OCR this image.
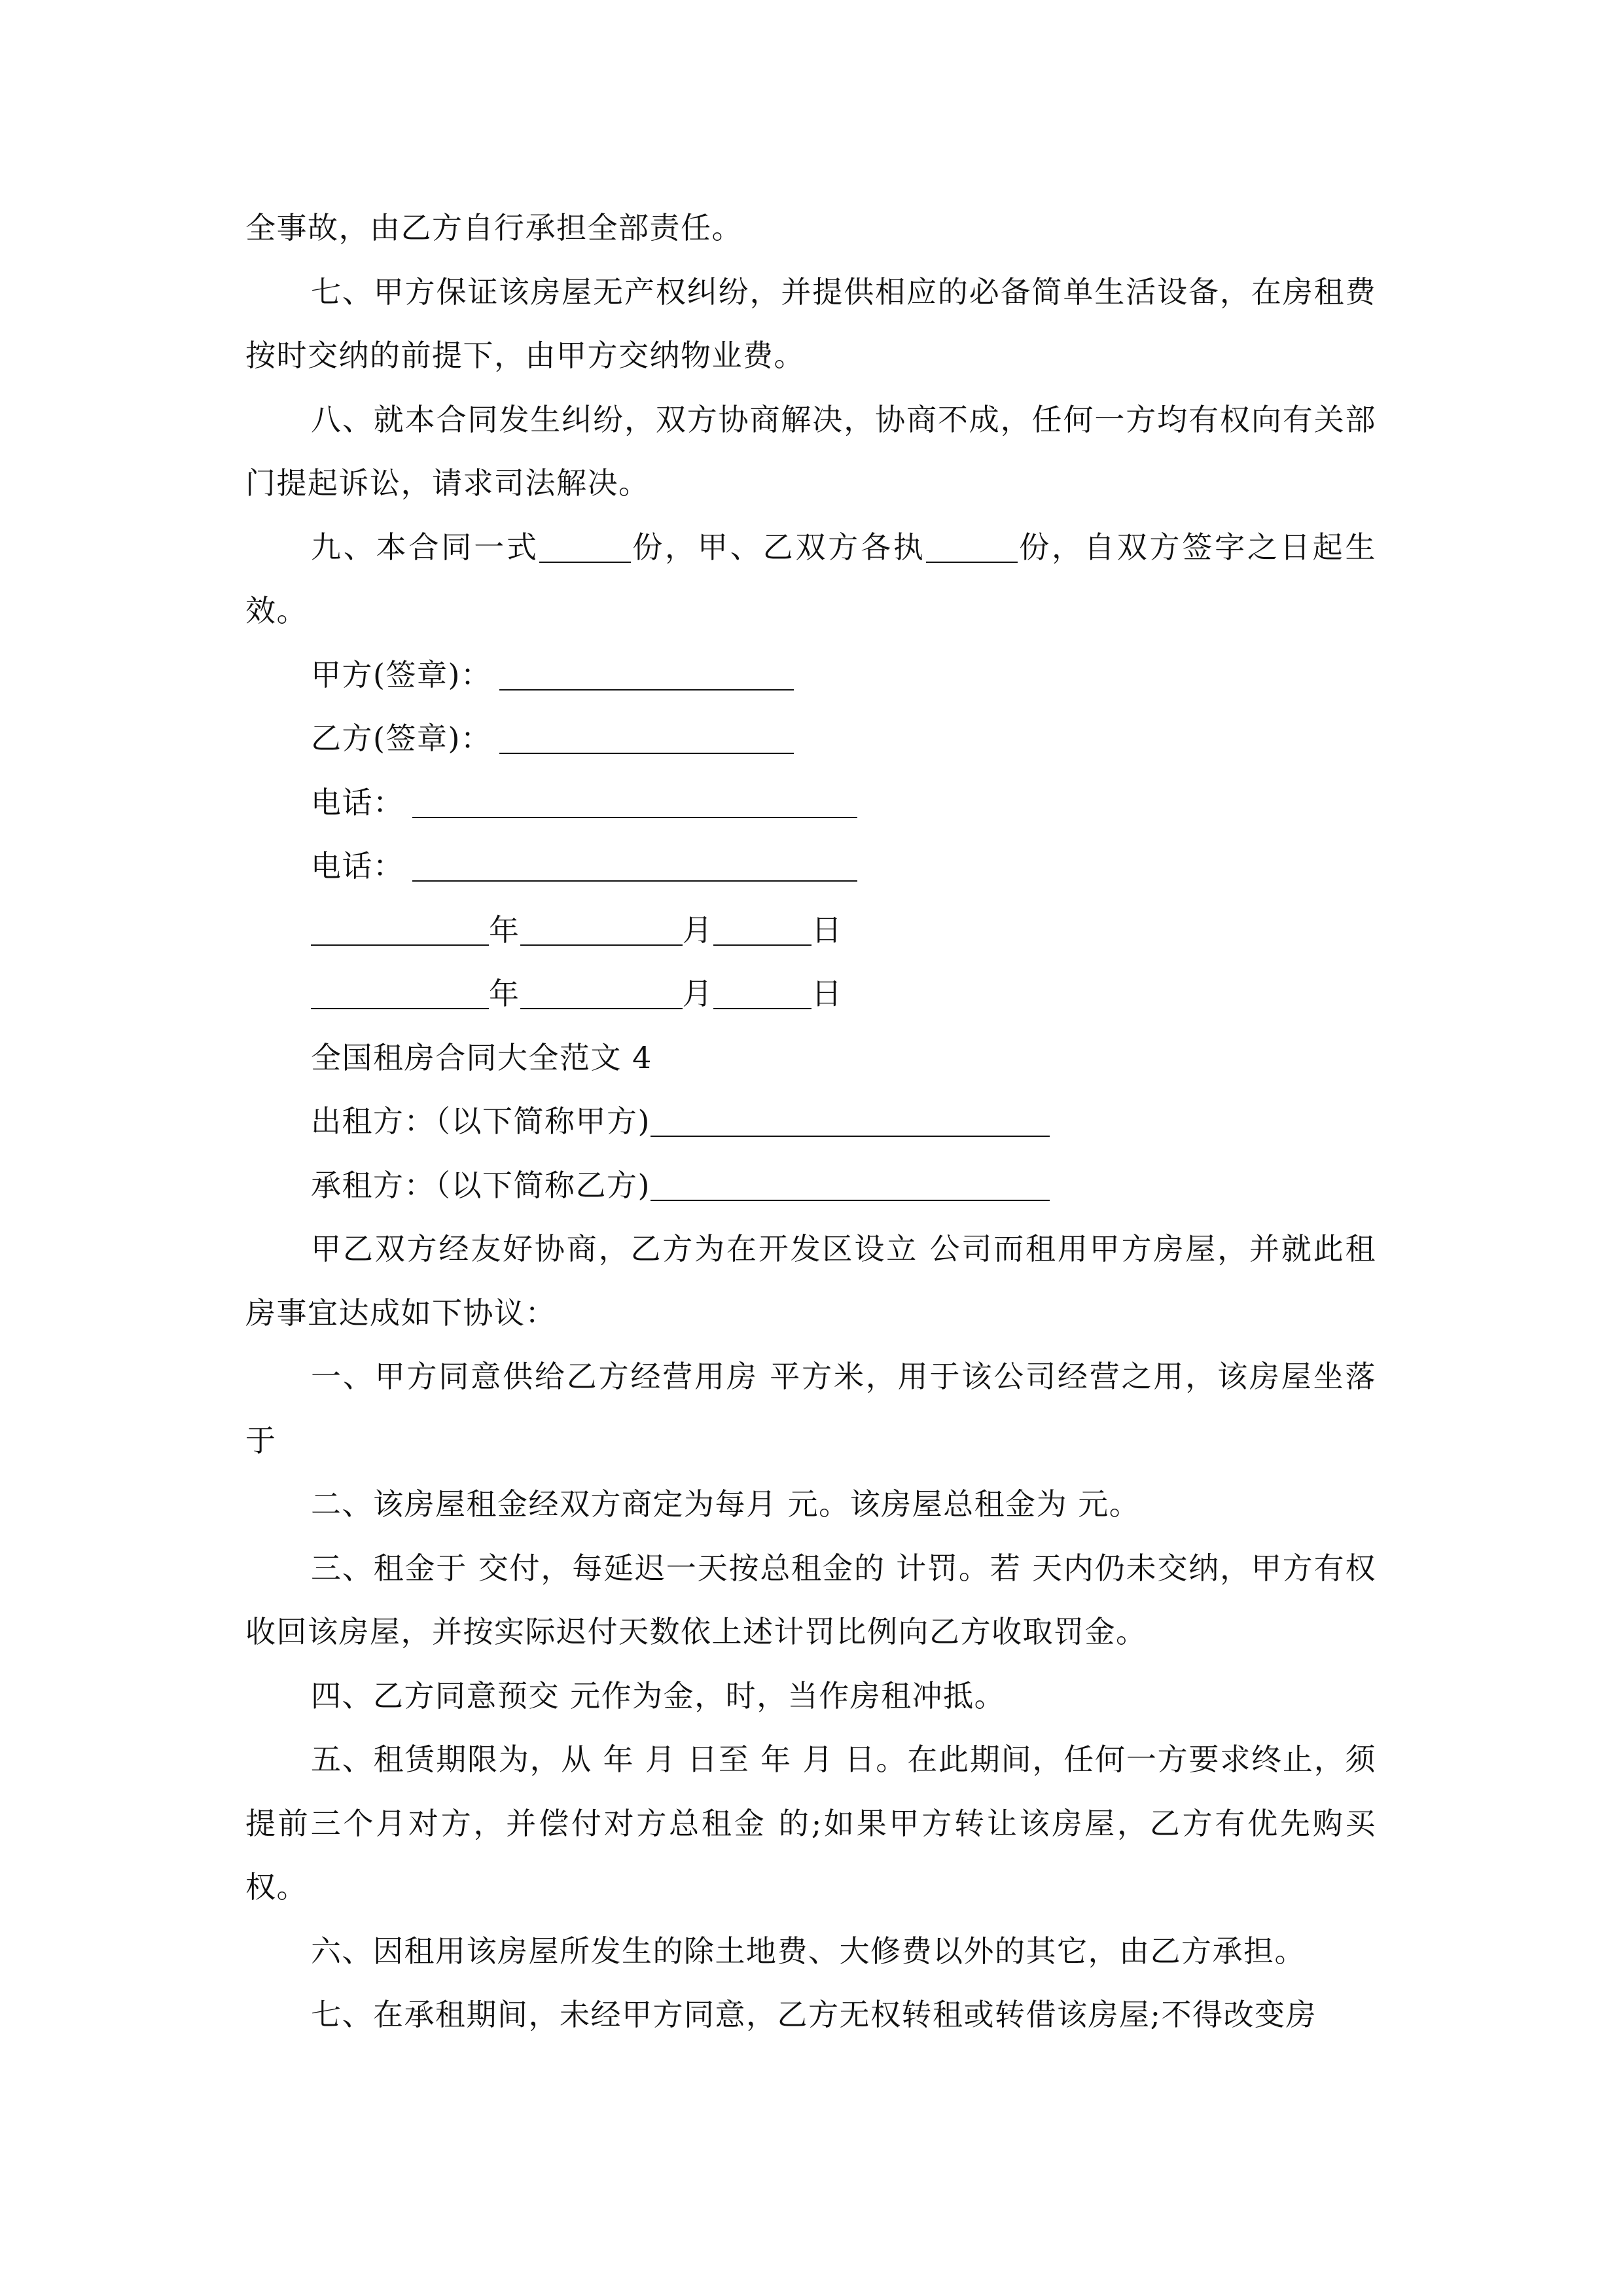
全事故，由乙方自行承担全部责任。

七、甲方保证该房屋无产权纠纷，并提供相应的必备简单生活设备，在房租费按时交纳的前提下，由甲方交纳物业费。

八、就本合同发生纠纷，双方协商解决，协商不成，任何一方均有权向有关部门提起诉讼，请求司法解决。

九、本合同一式	份，甲、乙双方各执	份，自双方签字之日起生效。

甲方(签章)：
乙方(签章)：
电话：
电话：
年	月	日
年	月	日
全国租房合同大全范文 4
出租方：（以下简称甲方)
承租方：（以下简称乙方)

甲乙双方经友好协商，乙方为在开发区设立 公司而租用甲方房屋，并就此租房事宜达成如下协议：

一、甲方同意供给乙方经营用房 平方米，用于该公司经营之用，该房屋坐落于

二、该房屋租金经双方商定为每月 元。该房屋总租金为 元。

三、租金于 交付，每延迟一天按总租金的 计罚。若 天内仍未交纳，甲方有权收回该房屋，并按实际迟付天数依上述计罚比例向乙方收取罚金。

四、乙方同意预交 元作为金，时，当作房租冲抵。

五、租赁期限为，从 年 月 日至 年 月 日。在此期间，任何一方要求终止，须提前三个月对方，并偿付对方总租金 的;如果甲方转让该房屋，乙方有优先购买权。

六、因租用该房屋所发生的除土地费、大修费以外的其它，由乙方承担。

七、在承租期间，未经甲方同意，乙方无权转租或转借该房屋;不得改变房
